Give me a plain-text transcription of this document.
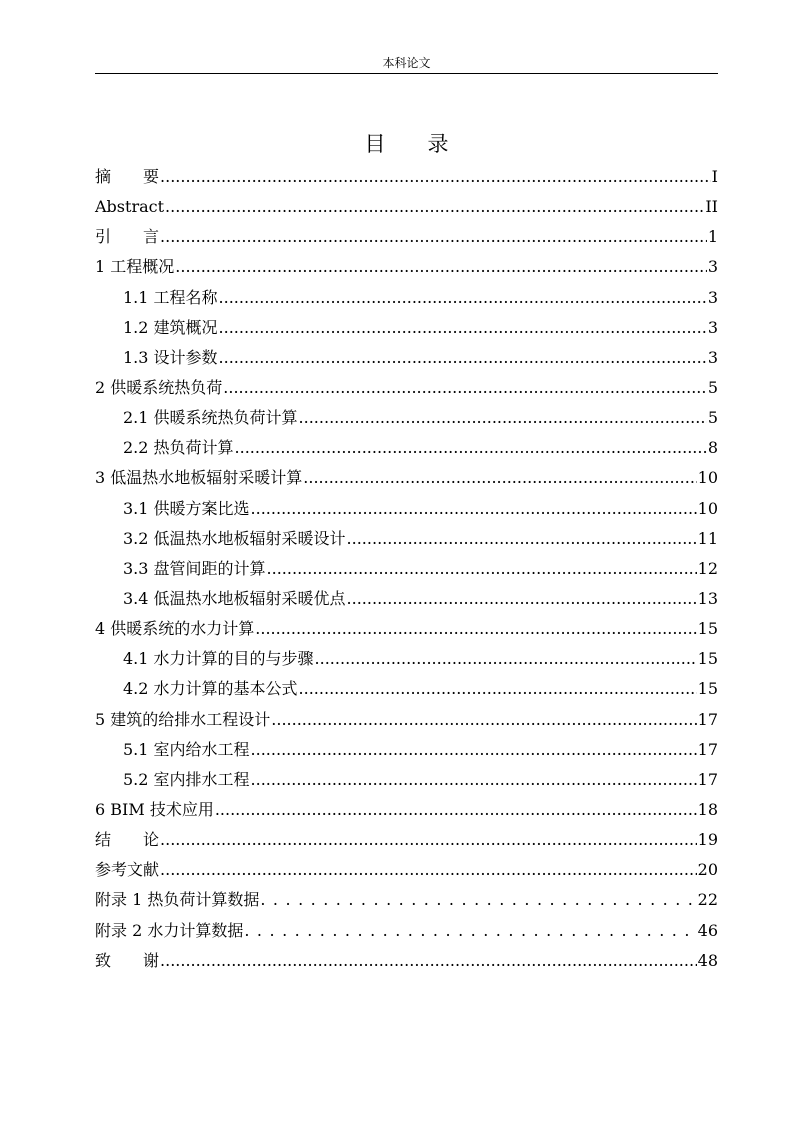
本科论文
目　　录
摘　　要 .....	I
Abstract .....	II
引　　言 .....	1
1 工程概况 .....	3
1.1 工程名称 .....	3
1.2 建筑概况 .....	3
1.3 设计参数 .....	3
2 供暖系统热负荷 .....	5
2.1 供暖系统热负荷计算 .....	5
2.2 热负荷计算 .....	8
3 低温热水地板辐射采暖计算 .....	10
3.1 供暖方案比选 .....	10
3.2 低温热水地板辐射采暖设计 .....	11
3.3 盘管间距的计算 .....	12
3.4 低温热水地板辐射采暖优点 .....	13
4 供暖系统的水力计算 .....	15
4.1 水力计算的目的与步骤 .....	15
4.2 水力计算的基本公式 .....	15
5 建筑的给排水工程设计 .....	17
5.1 室内给水工程 .....	17
5.2 室内排水工程 .....	17
6 BIM 技术应用 .....	18
结　　论 .....	19
参考文献 .....	20
附录 1 热负荷计算数据 . . .	22
附录 2 水力计算数据 . . .	46
致　　谢 .....	48
